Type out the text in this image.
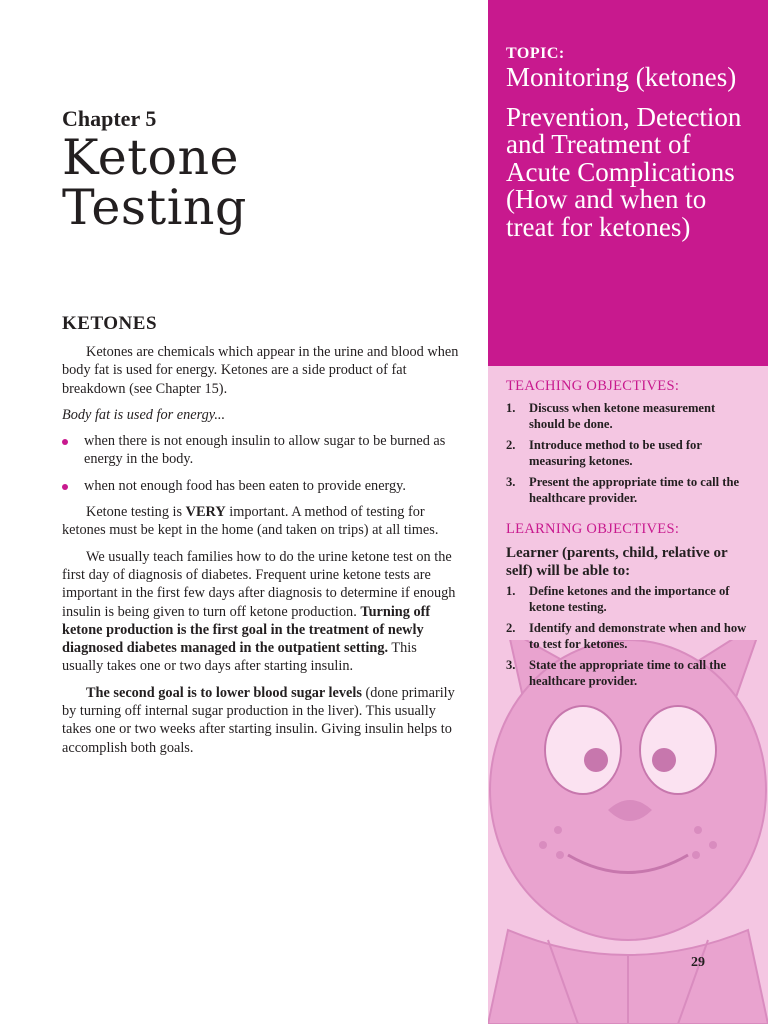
Chapter 5
Ketone
Testing
KETONES

Ketones are chemicals which appear in the urine and blood when body fat is used for energy. Ketones are a side product of fat breakdown (see Chapter 15).

Body fat is used for energy...

when there is not enough insulin to allow sugar to be burned as energy in the body.
when not enough food has been eaten to provide energy.

Ketone testing is VERY important. A method of testing for ketones must be kept in the home (and taken on trips) at all times.

We usually teach families how to do the urine ketone test on the first day of diagnosis of diabetes. Frequent urine ketone tests are important in the first few days after diagnosis to determine if enough insulin is being given to turn off ketone production. Turning off ketone production is the first goal in the treatment of newly diagnosed diabetes managed in the outpatient setting. This usually takes one or two days after starting insulin.

The second goal is to lower blood sugar levels (done primarily by turning off internal sugar production in the liver). This usually takes one or two weeks after starting insulin. Giving insulin helps to accomplish both goals.

TOPIC:
Monitoring (ketones)
Prevention, Detection and Treatment of Acute Complications (How and when to treat for ketones)
TEACHING OBJECTIVES:
1. Discuss when ketone measurement should be done.
2. Introduce method to be used for measuring ketones.
3. Present the appropriate time to call the healthcare provider.
LEARNING OBJECTIVES:
Learner (parents, child, relative or self) will be able to:
1. Define ketones and the importance of ketone testing.
2. Identify and demonstrate when and how to test for ketones.
3. State the appropriate time to call the healthcare provider.
29
